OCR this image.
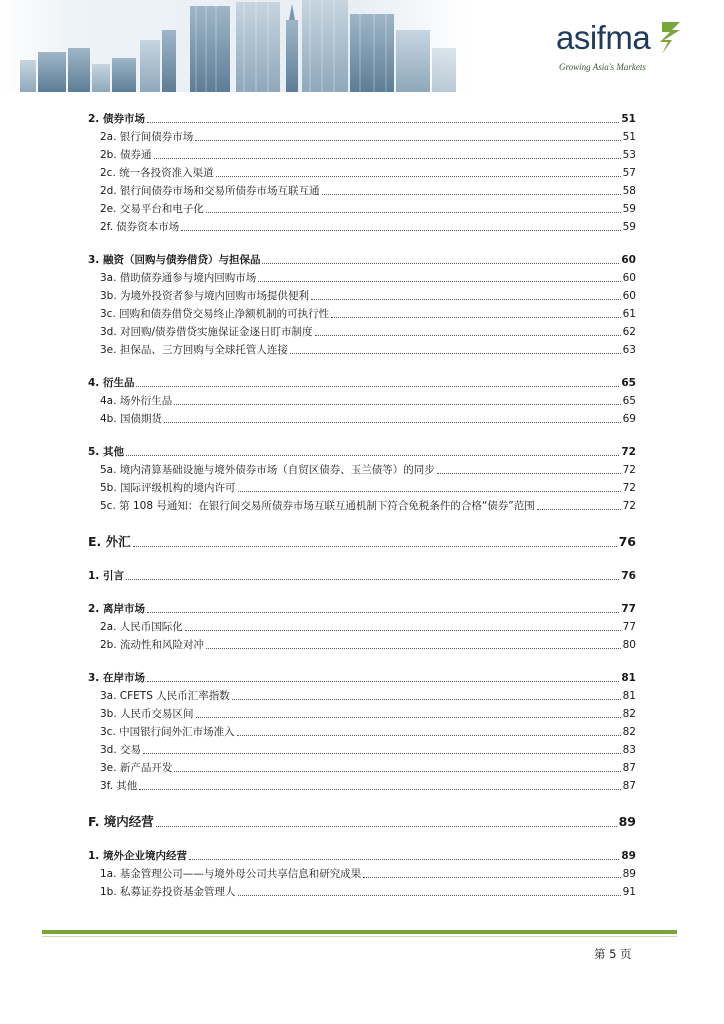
asifma
Growing Asia's Markets
2. 债券市场	51
2a. 银行间债券市场	51
2b. 债券通	53
2c. 统一各投资准入渠道	57
2d. 银行间债券市场和交易所债券市场互联互通	58
2e. 交易平台和电子化	59
2f. 债券资本市场	59
3. 融资（回购与债券借贷）与担保品	60
3a. 借助债券通参与境内回购市场	60
3b. 为境外投资者参与境内回购市场提供便利	60
3c. 回购和债券借贷交易终止净额机制的可执行性	61
3d. 对回购/债券借贷实施保证金逐日盯市制度	62
3e. 担保品、三方回购与全球托管人连接	63
4. 衍生品	65
4a. 场外衍生品	65
4b. 国债期货	69
5. 其他	72
5a. 境内清算基础设施与境外债券市场（自贸区债券、玉兰债等）的同步	72
5b. 国际评级机构的境内许可	72
5c. 第 108 号通知：在银行间交易所债券市场互联互通机制下符合免税条件的合格“债券”范围	72
E. 外汇	76
1. 引言	76
2. 离岸市场	77
2a. 人民币国际化	77
2b. 流动性和风险对冲	80
3. 在岸市场	81
3a. CFETS 人民币汇率指数	81
3b. 人民币交易区间	82
3c. 中国银行间外汇市场准入	82
3d. 交易	83
3e. 新产品开发	87
3f. 其他	87
F. 境内经营	89
1. 境外企业境内经营	89
1a. 基金管理公司——与境外母公司共享信息和研究成果	89
1b. 私募证券投资基金管理人	91
第 5 页
